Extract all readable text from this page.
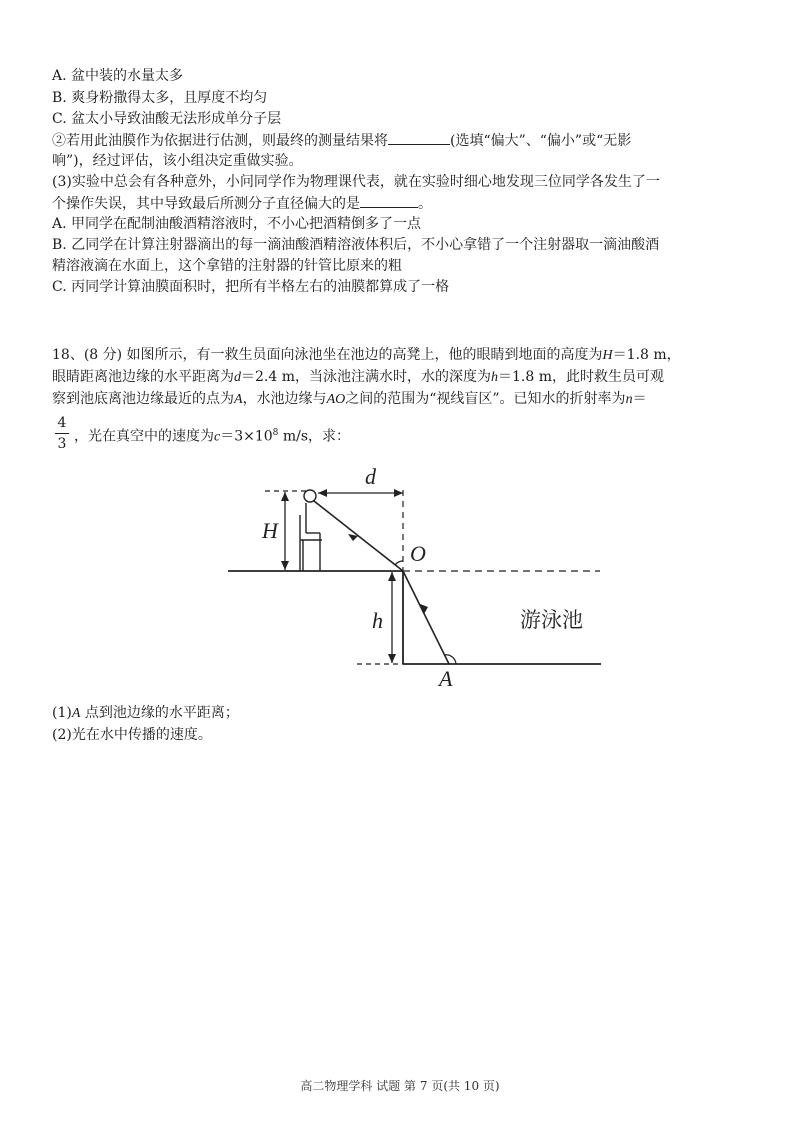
A. 盆中装的水量太多
B. 爽身粉撒得太多，且厚度不均匀
C. 盆太小导致油酸无法形成单分子层
②若用此油膜作为依据进行估测，则最终的测量结果将	(选填“偏大”、“偏小”或“无影
响”)，经过评估，该小组决定重做实验。
(3)实验中总会有各种意外，小问同学作为物理课代表，就在实验时细心地发现三位同学各发生了一
个操作失误，其中导致最后所测分子直径偏大的是	。
A. 甲同学在配制油酸酒精溶液时，不小心把酒精倒多了一点
B. 乙同学在计算注射器滴出的每一滴油酸酒精溶液体积后，不小心拿错了一个注射器取一滴油酸酒
精溶液滴在水面上，这个拿错的注射器的针管比原来的粗
C. 丙同学计算油膜面积时，把所有半格左右的油膜都算成了一格
18、(8 分) 如图所示，有一救生员面向泳池坐在池边的高凳上，他的眼睛到地面的高度为H＝1.8 m，
眼睛距离池边缘的水平距离为d＝2.4 m，当泳池注满水时，水的深度为h＝1.8 m，此时救生员可观
察到池底离池边缘最近的点为A，水池边缘与AO之间的范围为“视线盲区”。已知水的折射率为n＝
4
3 ，光在真空中的速度为$c=3\times 10^8$ m/s，求：
d
H
O
h
A
游泳池
(1)A 点到池边缘的水平距离；
(2)光在水中传播的速度。
高二物理学科 试题 第 7 页(共 10 页)
